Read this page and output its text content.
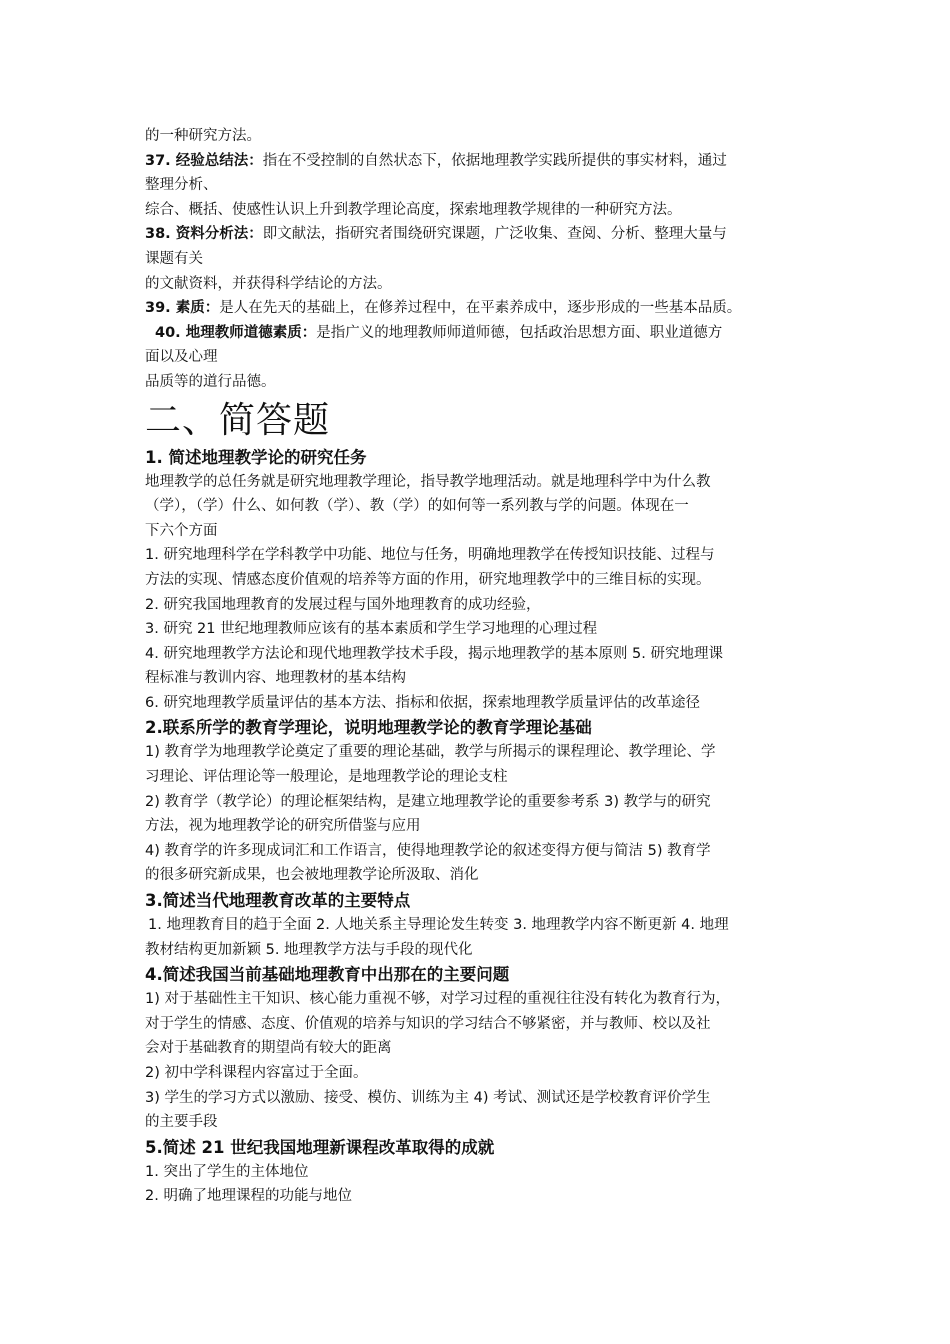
的一种研究方法。

37. 经验总结法：指在不受控制的自然状态下，依据地理教学实践所提供的事实材料，通过

整理分析、

综合、概括、使感性认识上升到教学理论高度，探索地理教学规律的一种研究方法。

38. 资料分析法：即文献法，指研究者围绕研究课题，广泛收集、查阅、分析、整理大量与

课题有关

的文献资料，并获得科学结论的方法。

39. 素质：是人在先天的基础上，在修养过程中，在平素养成中，逐步形成的一些基本品质。

40. 地理教师道德素质：是指广义的地理教师师道师德，包括政治思想方面、职业道德方

面以及心理

品质等的道行品德。

二、简答题
1. 简述地理教学论的研究任务

地理教学的总任务就是研究地理教学理论，指导教学地理活动。就是地理科学中为什么教

（学），（学）什么、如何教（学）、教（学）的如何等一系列教与学的问题。体现在一

下六个方面

1. 研究地理科学在学科教学中功能、地位与任务，明确地理教学在传授知识技能、过程与

方法的实现、情感态度价值观的培养等方面的作用，研究地理教学中的三维目标的实现。

2. 研究我国地理教育的发展过程与国外地理教育的成功经验，

3. 研究 21 世纪地理教师应该有的基本素质和学生学习地理的心理过程

4. 研究地理教学方法论和现代地理教学技术手段，揭示地理教学的基本原则 5. 研究地理课

程标准与教训内容、地理教材的基本结构

6. 研究地理教学质量评估的基本方法、指标和依据，探索地理教学质量评估的改革途径

2.联系所学的教育学理论，说明地理教学论的教育学理论基础

1) 教育学为地理教学论奠定了重要的理论基础，教学与所揭示的课程理论、教学理论、学

习理论、评估理论等一般理论，是地理教学论的理论支柱

2) 教育学（教学论）的理论框架结构，是建立地理教学论的重要参考系 3) 教学与的研究

方法，视为地理教学论的研究所借鉴与应用

4) 教育学的许多现成词汇和工作语言，使得地理教学论的叙述变得方便与简洁 5) 教育学

的很多研究新成果，也会被地理教学论所汲取、消化

3.简述当代地理教育改革的主要特点

1. 地理教育目的趋于全面 2. 人地关系主导理论发生转变 3. 地理教学内容不断更新 4. 地理

教材结构更加新颖 5. 地理教学方法与手段的现代化

4.简述我国当前基础地理教育中出那在的主要问题

1) 对于基础性主干知识、核心能力重视不够，对学习过程的重视往往没有转化为教育行为，

对于学生的情感、态度、价值观的培养与知识的学习结合不够紧密，并与教师、校以及社

会对于基础教育的期望尚有较大的距离

2) 初中学科课程内容富过于全面。

3) 学生的学习方式以激励、接受、模仿、训练为主 4) 考试、测试还是学校教育评价学生

的主要手段

5.简述 21 世纪我国地理新课程改革取得的成就

1. 突出了学生的主体地位

2. 明确了地理课程的功能与地位
